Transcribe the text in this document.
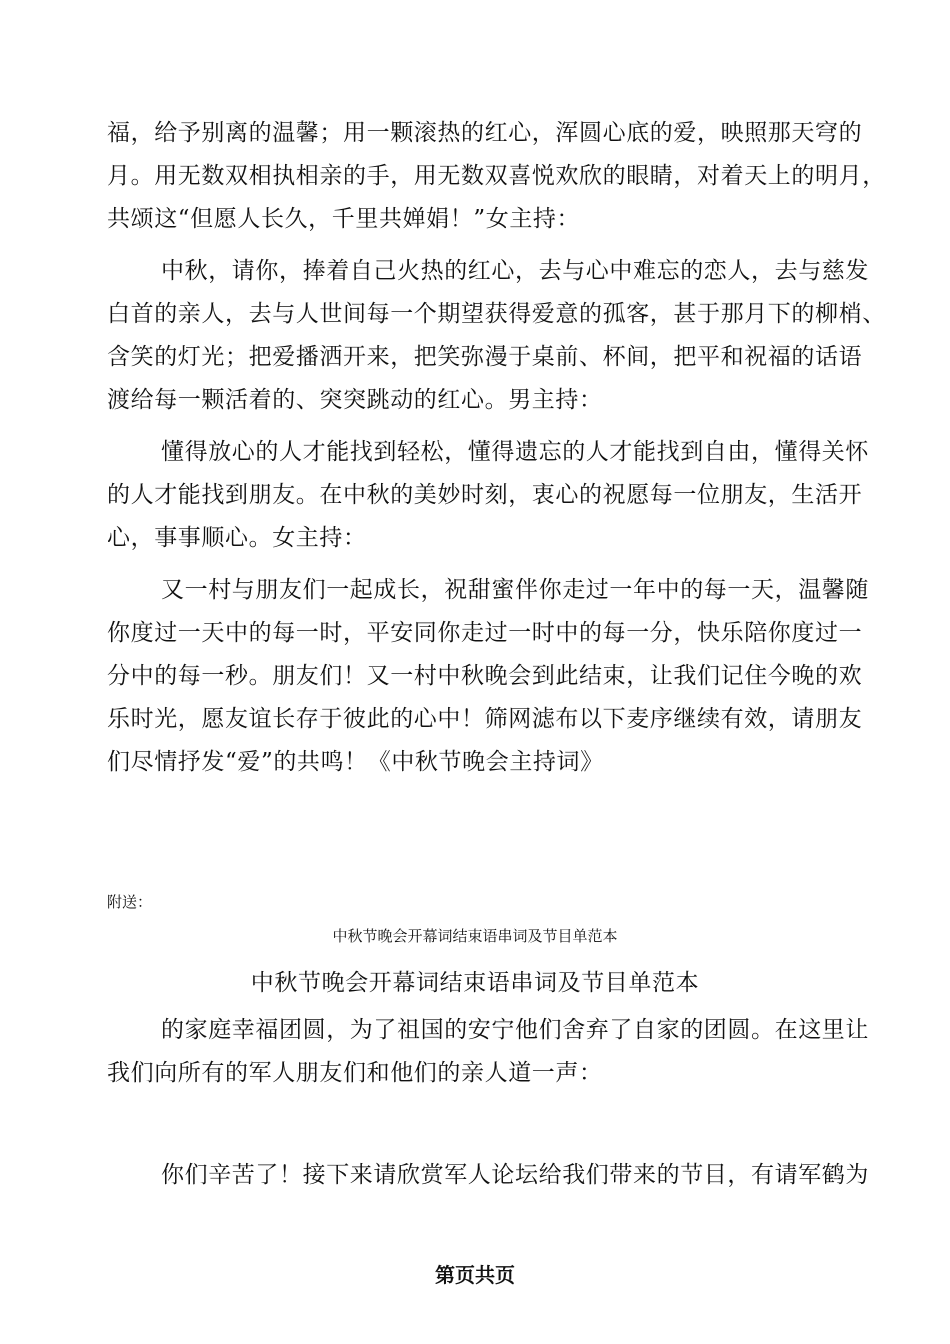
福，给予别离的温馨；用一颗滚热的红心，浑圆心底的爱，映照那天穹的
月。用无数双相执相亲的手，用无数双喜悦欢欣的眼睛，对着天上的明月，
共颂这“但愿人长久，千里共婵娟！”女主持：
中秋，请你，捧着自己火热的红心，去与心中难忘的恋人，去与慈发
白首的亲人，去与人世间每一个期望获得爱意的孤客，甚于那月下的柳梢、
含笑的灯光；把爱播洒开来，把笑弥漫于桌前、杯间，把平和祝福的话语
渡给每一颗活着的、突突跳动的红心。男主持：
懂得放心的人才能找到轻松，懂得遗忘的人才能找到自由，懂得关怀
的人才能找到朋友。在中秋的美妙时刻，衷心的祝愿每一位朋友，生活开
心，事事顺心。女主持：
又一村与朋友们一起成长，祝甜蜜伴你走过一年中的每一天，温馨随
你度过一天中的每一时，平安同你走过一时中的每一分，快乐陪你度过一
分中的每一秒。朋友们！又一村中秋晚会到此结束，让我们记住今晚的欢
乐时光，愿友谊长存于彼此的心中！筛网滤布以下麦序继续有效，请朋友
们尽情抒发“爱”的共鸣！《中秋节晚会主持词》
附送：
中秋节晚会开幕词结束语串词及节目单范本
中秋节晚会开幕词结束语串词及节目单范本
的家庭幸福团圆，为了祖国的安宁他们舍弃了自家的团圆。在这里让
我们向所有的军人朋友们和他们的亲人道一声：
你们辛苦了！接下来请欣赏军人论坛给我们带来的节目，有请军鹤为
第页共页
